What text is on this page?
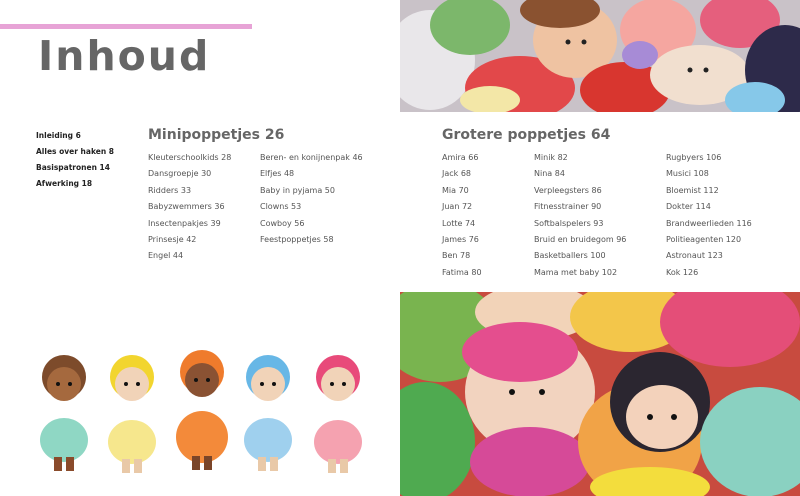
Inhoud
Inleiding 6
Alles over haken 8
Basispatronen 14
Afwerking 18
Minipoppetjes 26
Kleuterschoolkids 28
Dansgroepje 30
Ridders 33
Babyzwemmers 36
Insectenpakjes 39
Prinsesje 42
Engel 44
Beren- en konijnenpak 46
Elfjes 48
Baby in pyjama 50
Clowns 53
Cowboy 56
Feestpoppetjes 58
Grotere poppetjes 64
Amira 66
Jack 68
Mia 70
Juan 72
Lotte 74
James 76
Ben 78
Fatima 80
Minik 82
Nina 84
Verpleegsters 86
Fitnesstrainer 90
Softbalspelers 93
Bruid en bruidegom 96
Basketballers 100
Mama met baby 102
Rugbyers 106
Musici 108
Bloemist 112
Dokter 114
Brandweerlieden 116
Politieagenten 120
Astronaut 123
Kok 126
